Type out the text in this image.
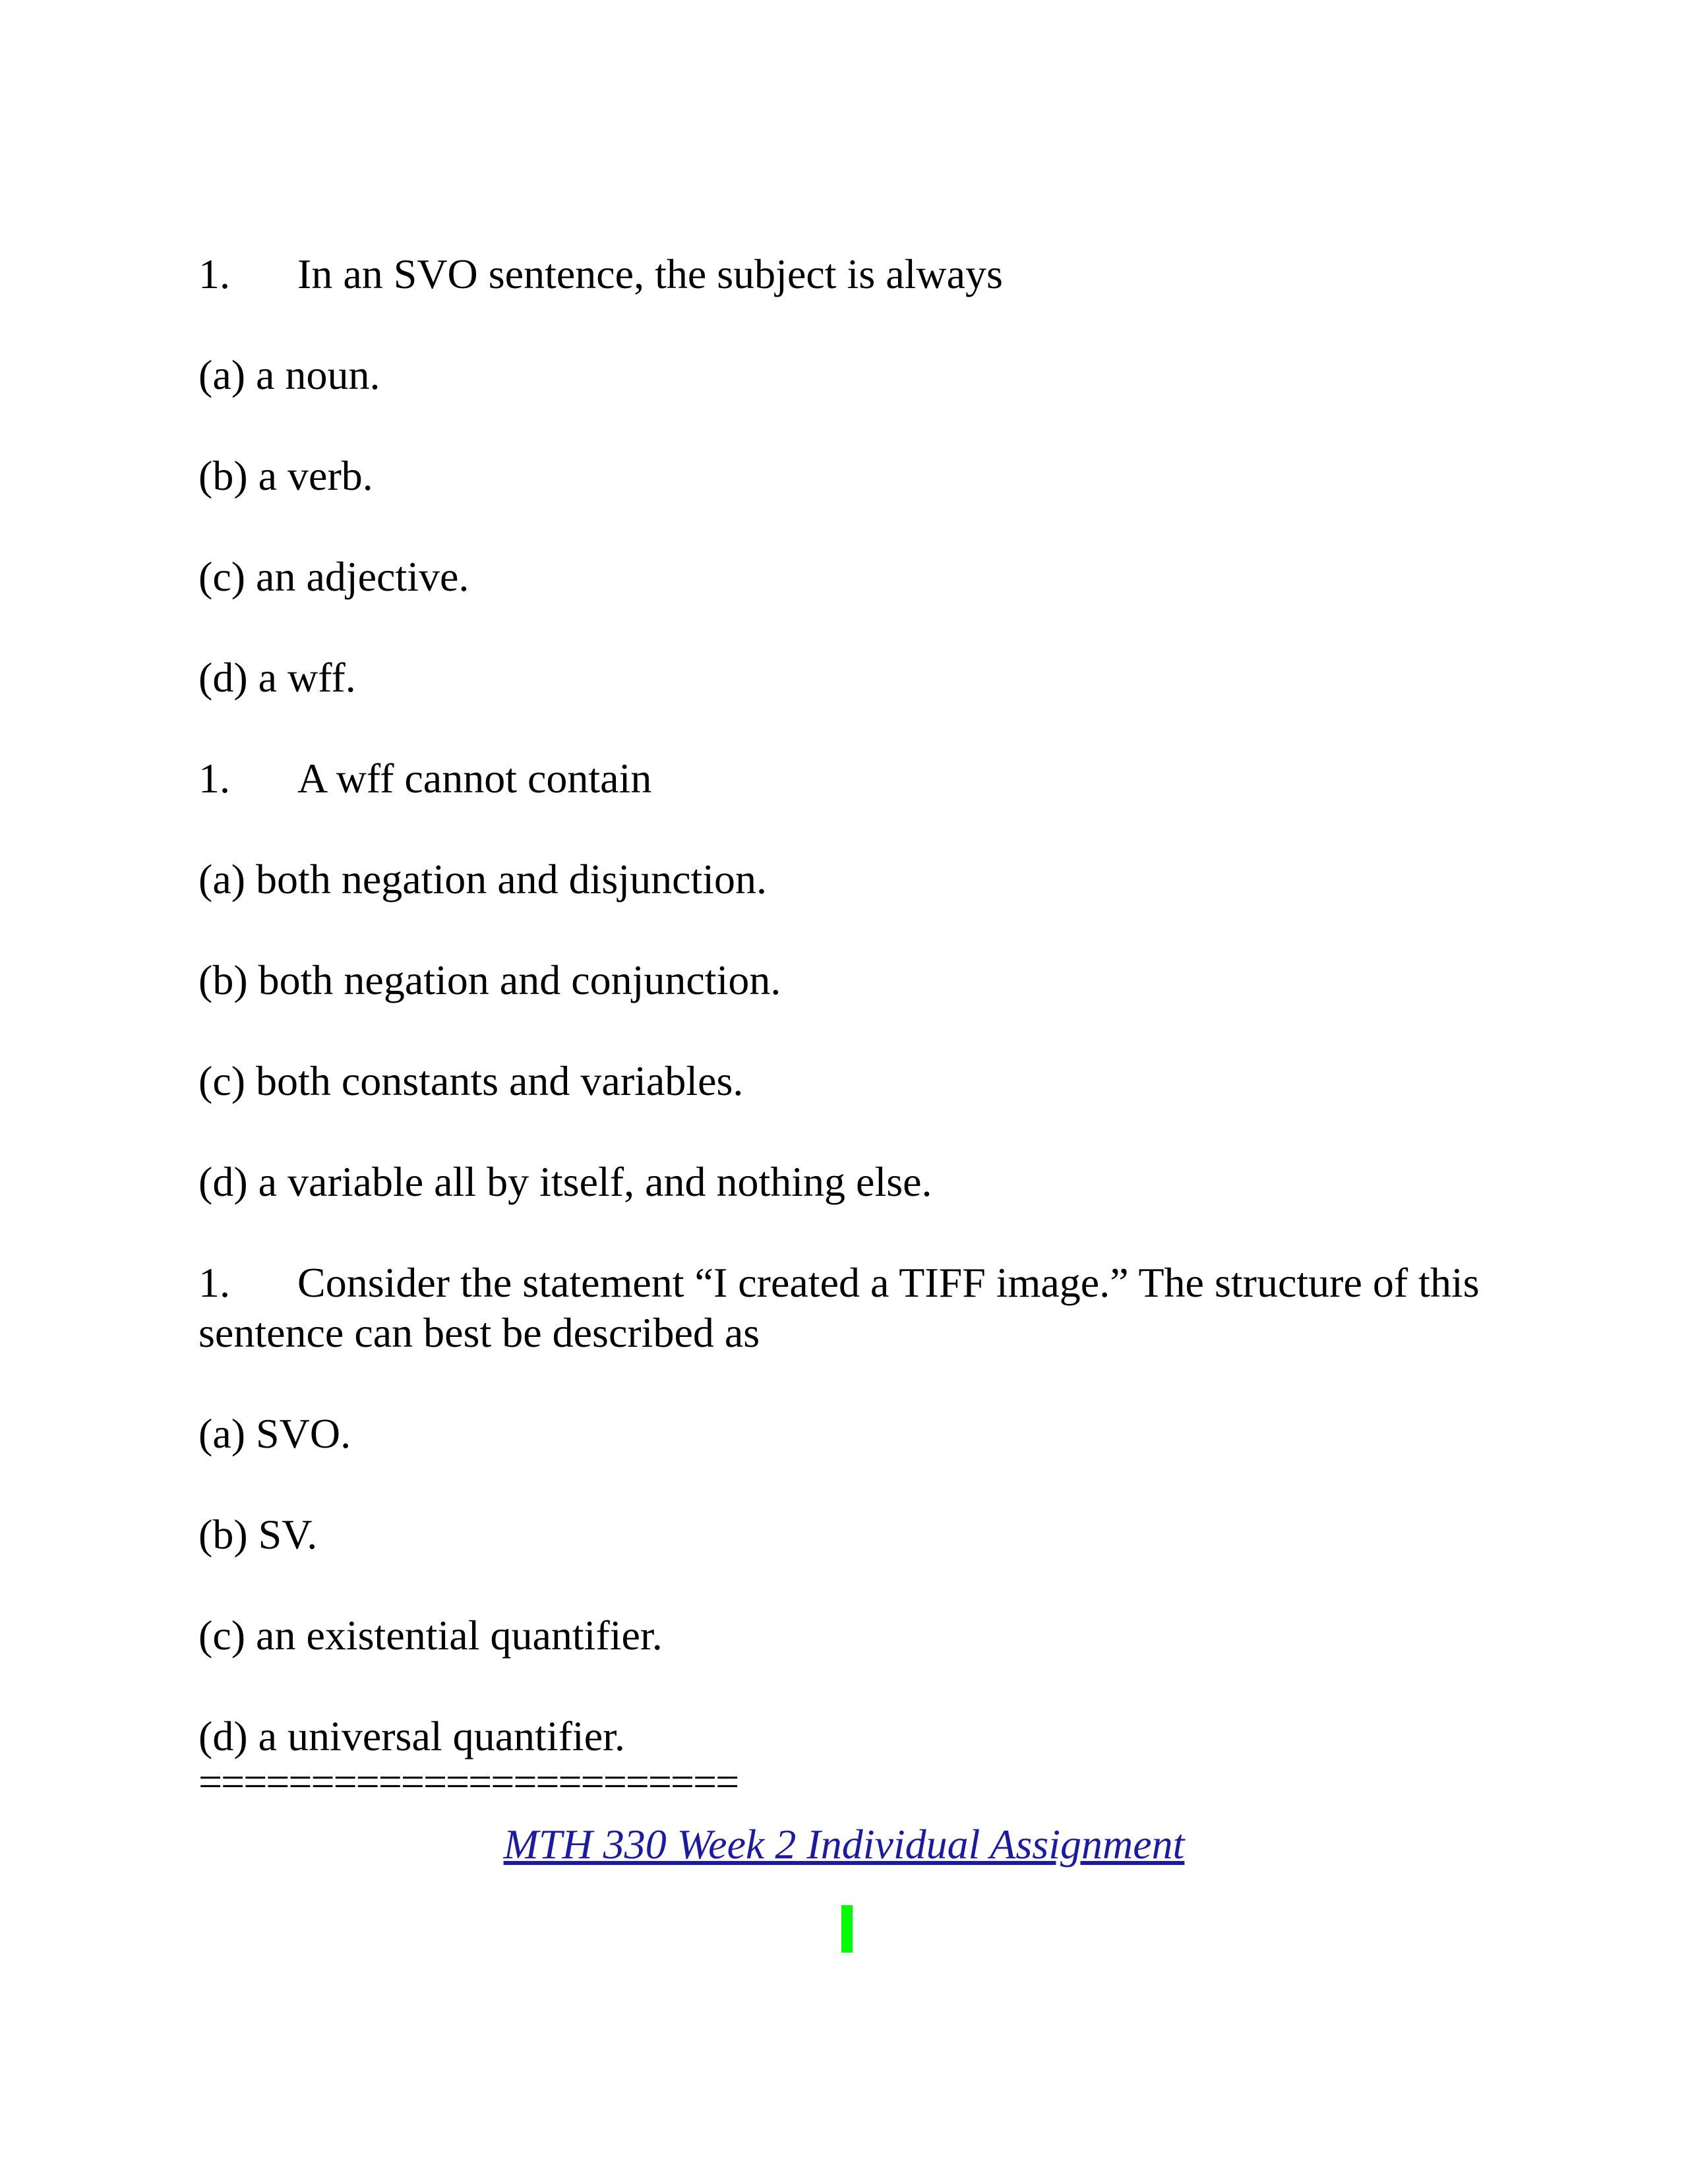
1. In an SVO sentence, the subject is always
(a) a noun.
(b) a verb.
(c) an adjective.
(d) a wff.
1. A wff cannot contain
(a) both negation and disjunction.
(b) both negation and conjunction.
(c) both constants and variables.
(d) a variable all by itself, and nothing else.
1. Consider the statement “I created a TIFF image.” The structure of this sentence can best be described as
(a) SVO.
(b) SV.
(c) an existential quantifier.
(d) a universal quantifier.
========================
MTH 330 Week 2 Individual Assignment
